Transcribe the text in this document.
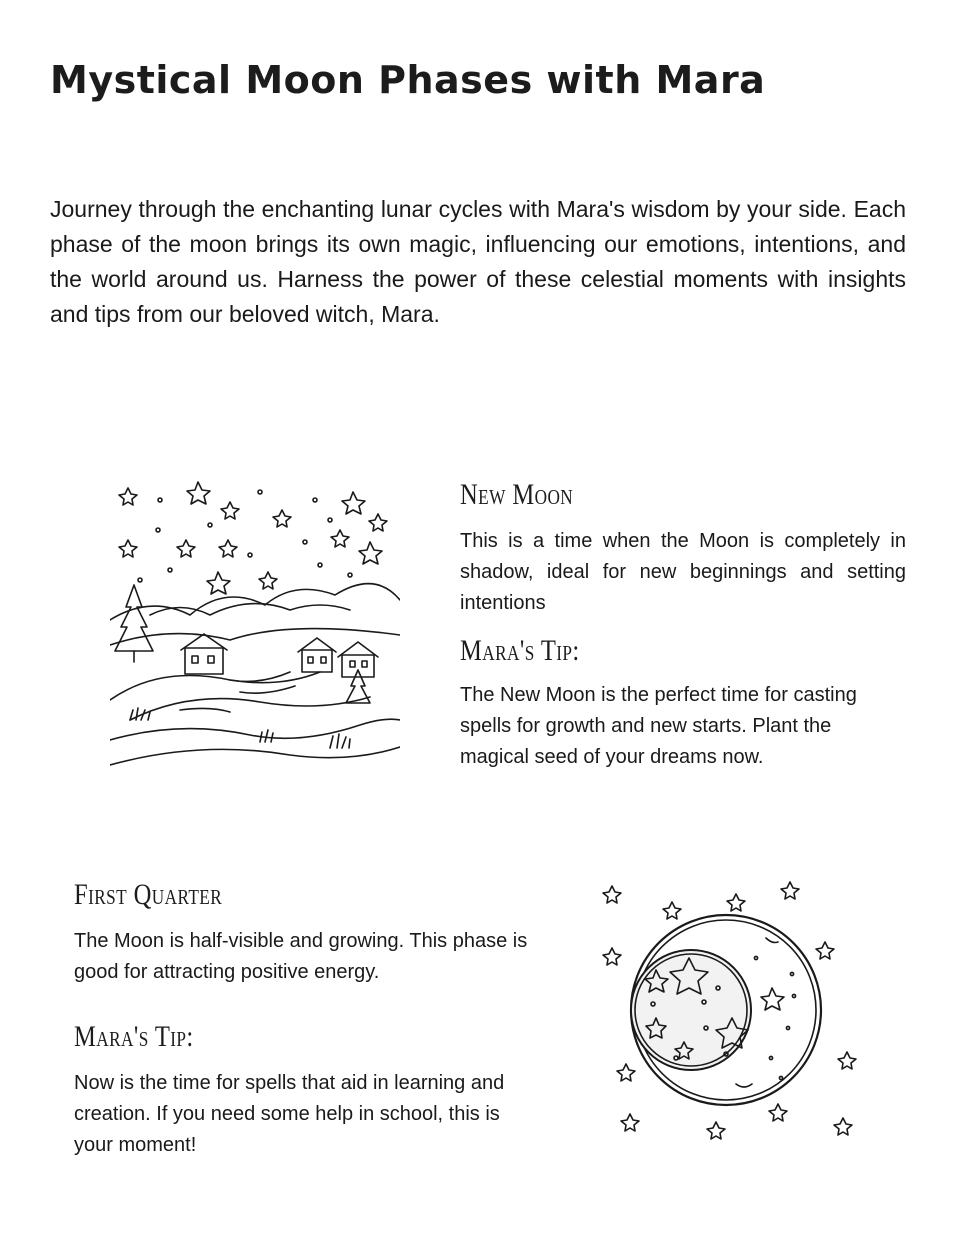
Mystical Moon Phases with Mara

Journey through the enchanting lunar cycles with Mara's wisdom by your side. Each phase of the moon brings its own magic, influencing our emotions, intentions, and the world around us. Harness the power of these celestial moments with insights and tips from our beloved witch, Mara.

New Moon

This is a time when the Moon is completely in shadow, ideal for new beginnings and setting intentions

Mara's Tip:

The New Moon is the perfect time for casting spells for growth and new starts. Plant the magical seed of your dreams now.

First Quarter

The Moon is half-visible and growing. This phase is good for attracting positive energy.

Mara's Tip:

Now is the time for spells that aid in learning and creation. If you need some help in school, this is your moment!
